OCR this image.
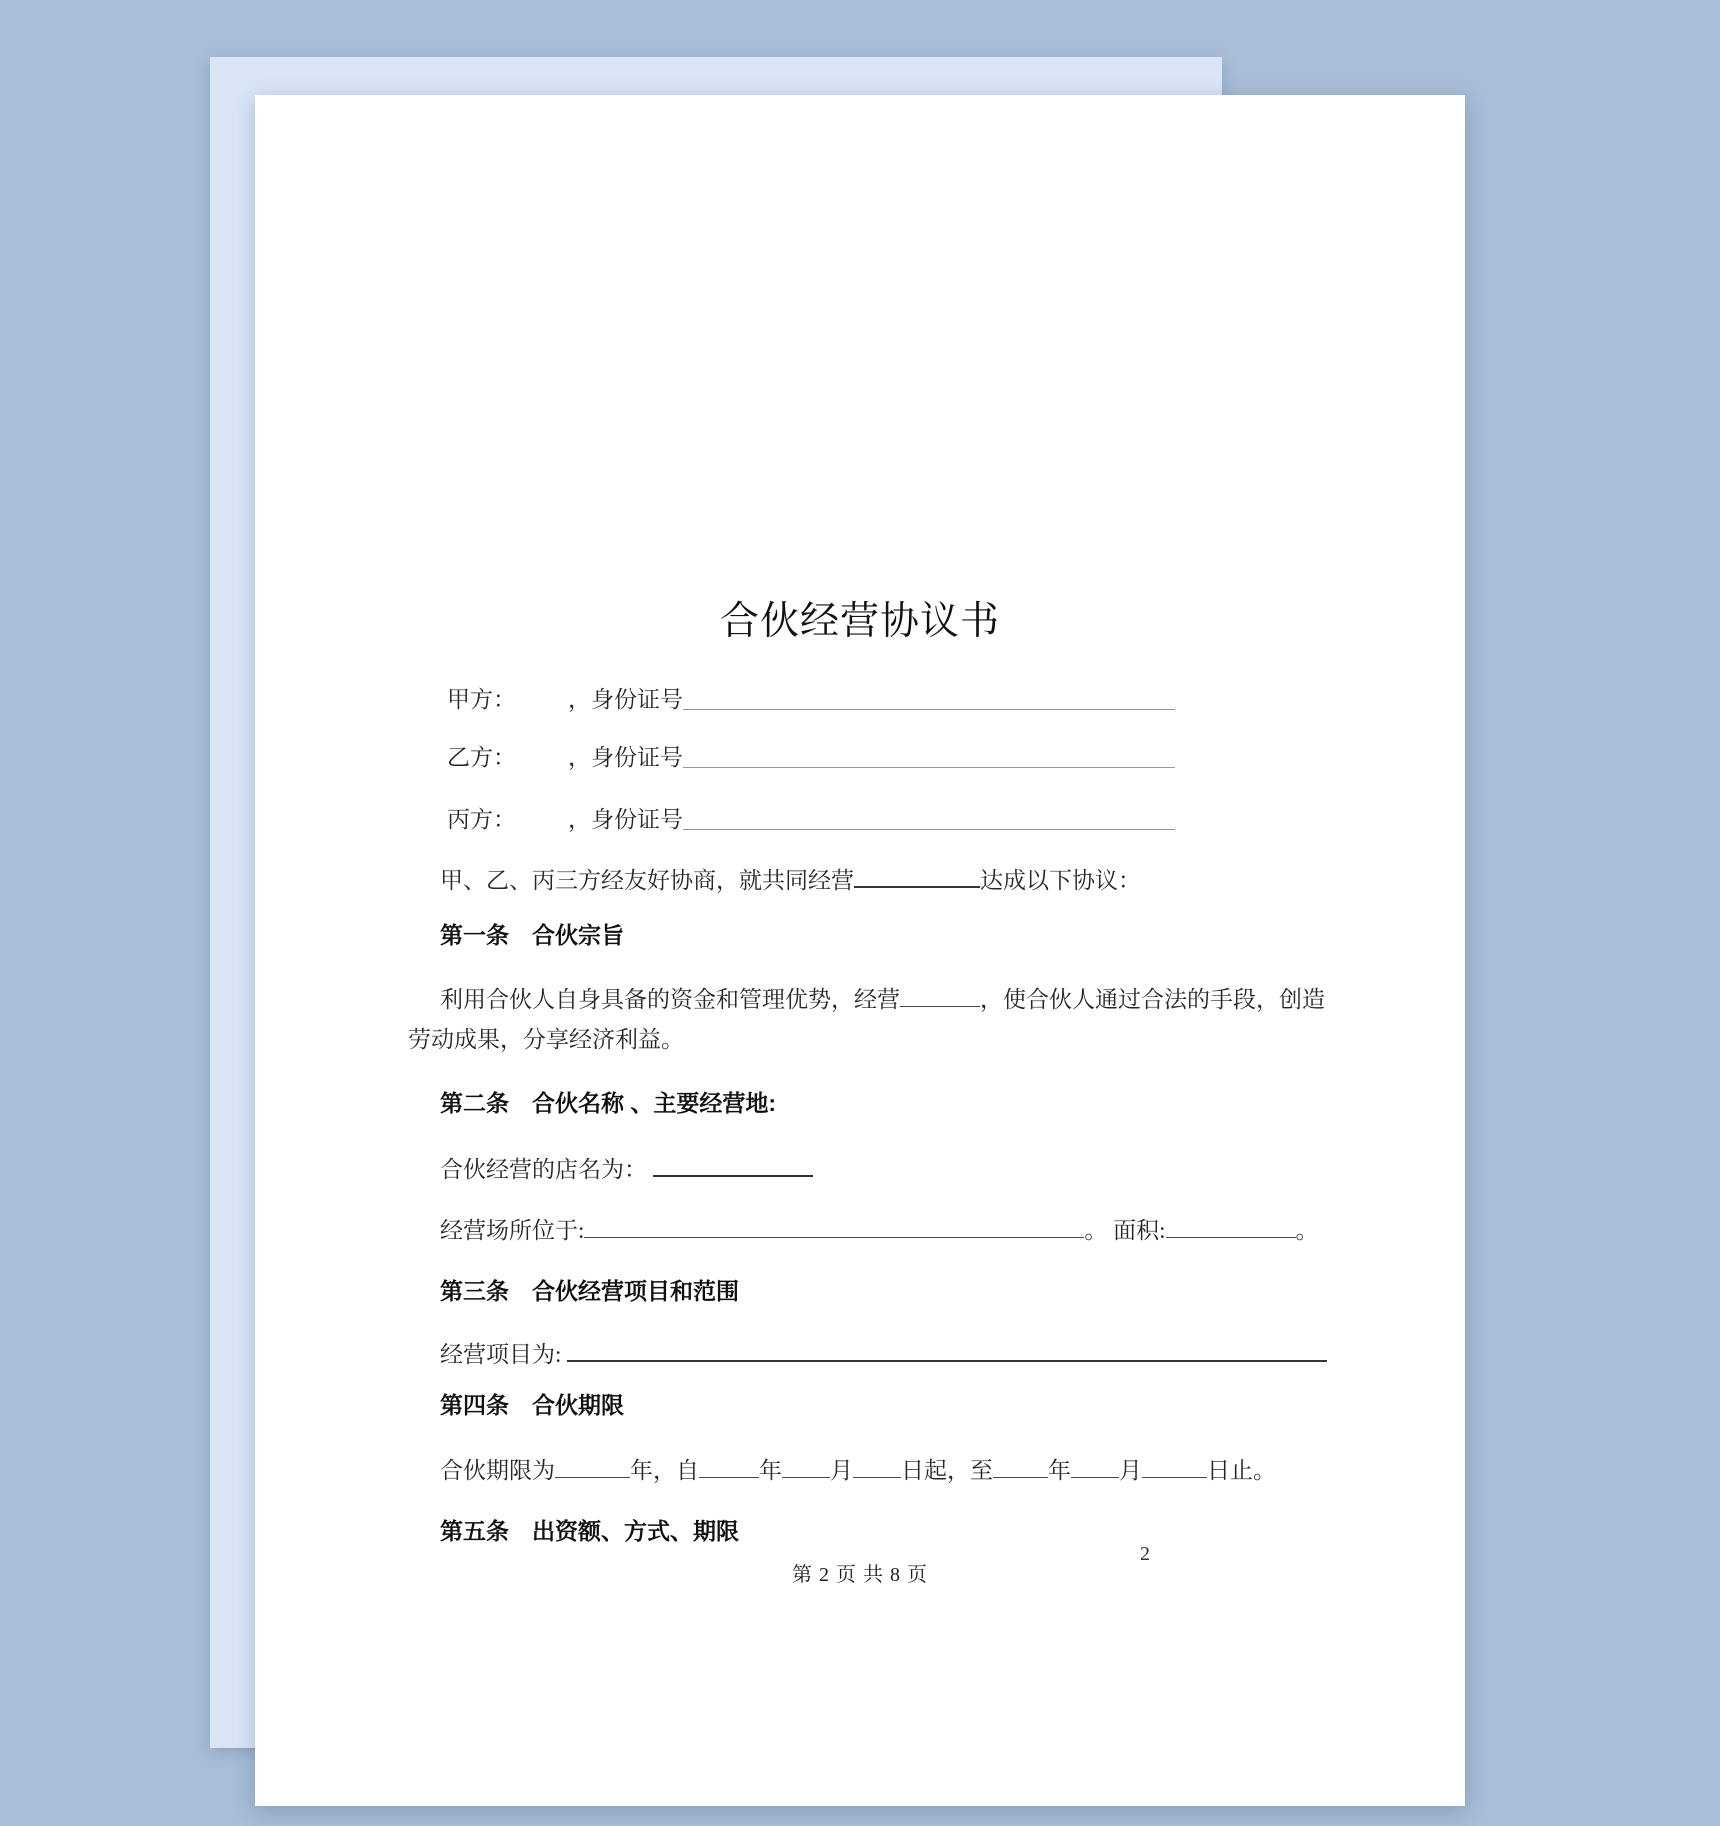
合伙经营协议书
甲方： ，身份证号
乙方： ，身份证号
丙方： ，身份证号
甲、乙、丙三方经友好协商，就共同经营	达成以下协议：
第一条　合伙宗旨
利用合伙人自身具备的资金和管理优势，经营	，使合伙人通过合法的手段，创造劳动成果，分享经济利益。
第二条　合伙名称 、主要经营地:
合伙经营的店名为：
经营场所位于:	。 面积:	。
第三条　合伙经营项目和范围
经营项目为:
第四条　合伙期限
合伙期限为	年，自	年 月 日起，至 年 月	日止。
第五条　出资额、方式、期限
第 2 页 共 8 页
2
